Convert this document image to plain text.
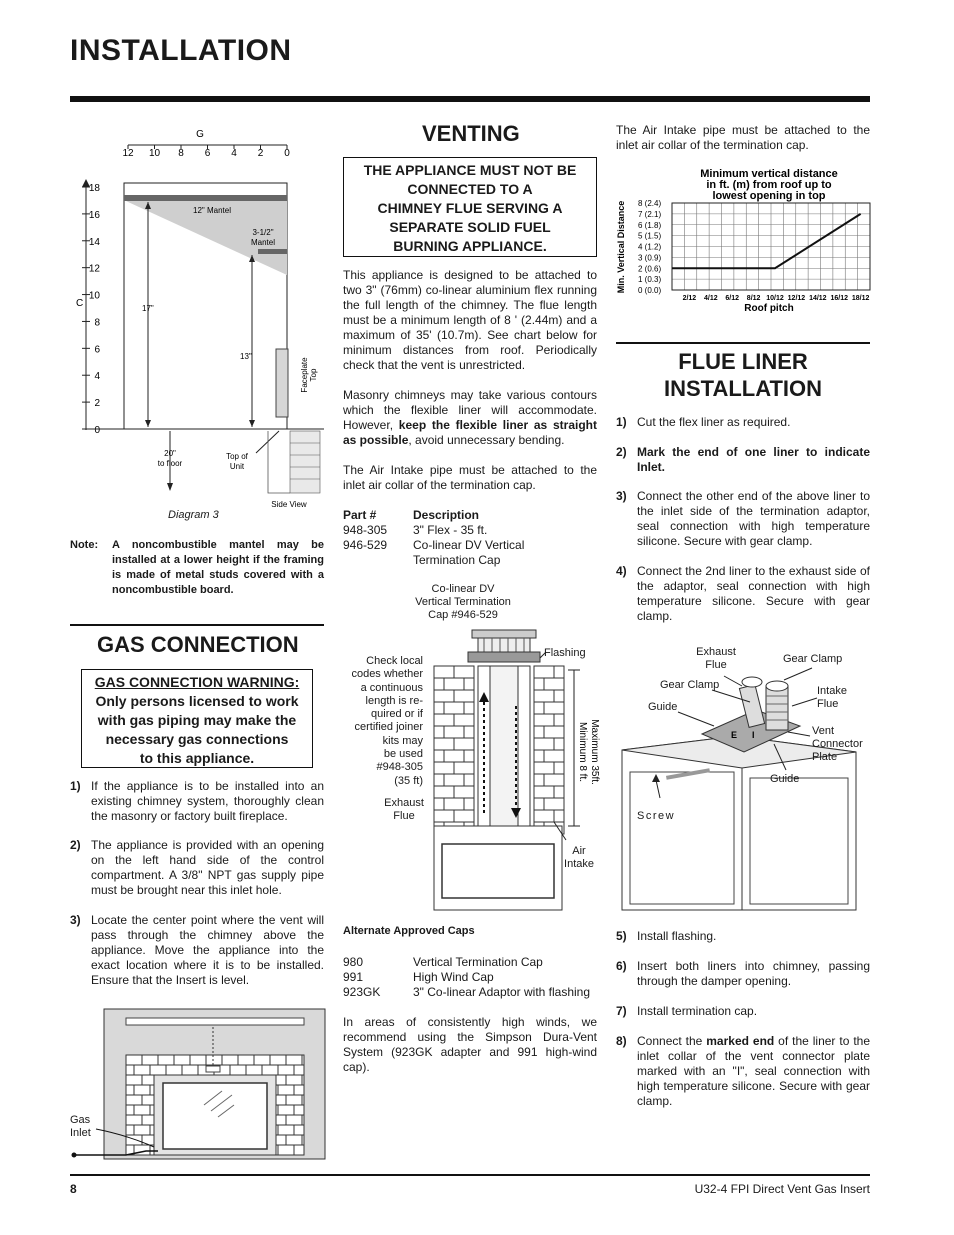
INSTALLATION
8	U32-4 FPI Direct Vent Gas Insert
G
12 10 8 6 4 2 0
C
18
16
14
12
10
8
6
4
2
0
12" Mantel
3-1/2"
Mantel
17"
13"
Faceplate Top
20"
to floor
Top of
Unit
Side View
Diagram 3
Note: A noncombustible mantel may be installed at a lower height if the framing is made of metal studs covered with a noncombustible board.
GAS CONNECTION
GAS CONNECTION WARNING:
Only persons licensed to work
with gas piping may make the
necessary gas connections
to this appliance.
1) If the appliance is to be installed into an existing chimney system, thoroughly clean the masonry or factory built fireplace.
2) The appliance is provided with an opening on the left hand side of the control compartment. A 3/8" NPT gas supply pipe must be brought near this inlet hole.
3) Locate the center point where the vent will pass through the chimney above the appliance. Move the appliance into the exact location where it is to be installed. Ensure that the Insert is level.
Gas
Inlet
VENTING
THE APPLIANCE MUST NOT BE
CONNECTED TO A
CHIMNEY FLUE SERVING A
SEPARATE SOLID FUEL
BURNING APPLIANCE.
This appliance is designed to be attached to two 3" (76mm) co-linear aluminium flex running the full length of the chimney. The flue length must be a minimum length of 8 ' (2.44m) and a maximum of 35' (10.7m). See chart below for minimum distances from roof. Periodically check that the vent is unrestricted.
Masonry chimneys may take various contours which the flexible liner will accommodate. However, keep the flexible liner as straight as possible, avoid unnecessary bending.
The Air Intake pipe must be attached to the inlet air collar of the termination cap.
Part #	Description
948-305 3" Flex - 35 ft.
946-529 Co-linear DV Vertical
Termination Cap
Co-linear DV
Vertical Termination
Cap #946-529
Minimum 8 ft. Maximum 35ft.
Flashing
Check local
codes whether
a continuous
length is re-
quired or if
certified joiner
kits may
be used
#948-305
(35 ft)
Exhaust
Flue
Air
Intake
Alternate Approved Caps
980	Vertical Termination Cap
991	High Wind Cap
923GK	3" Co-linear Adaptor with flashing
In areas of consistently high winds, we recommend using the Simpson Dura-Vent System (923GK adapter and 991 high-wind cap).
The Air Intake pipe must be attached to the inlet air collar of the termination cap.
Minimum vertical distance
in ft. (m) from roof up to
lowest opening in top
Min. Vertical Distance 0 (0.0)
1 (0.3)
2 (0.6)
3 (0.9)
4 (1.2)
5 (1.5)
6 (1.8)
7 (2.1)
8 (2.4)
2/12 4/12 6/12 8/12 10/12 12/12 14/12 16/12 18/12
Roof pitch
FLUE LINER
INSTALLATION
1) Cut the flex liner as required.
2) Mark the end of one liner to indicate Inlet.
3) Connect the other end of the above liner to the inlet side of the termination adaptor, seal connection with high temperature silicone. Secure with gear clamp.
4) Connect the 2nd liner to the exhaust side of the adaptor, seal connection with high temperature silicone. Secure with gear clamp.
E I
Exhaust
Flue	Gear Clamp
Gear Clamp	Intake
Flue
Guide
Vent
Connector
Plate
Guide
Screw
5) Install flashing.
6) Insert both liners into chimney, passing through the damper opening.
7) Install termination cap.
8) Connect the marked end of the liner to the inlet collar of the vent connector plate marked with an "I", seal connection with high temperature silicone. Secure with gear clamp.
